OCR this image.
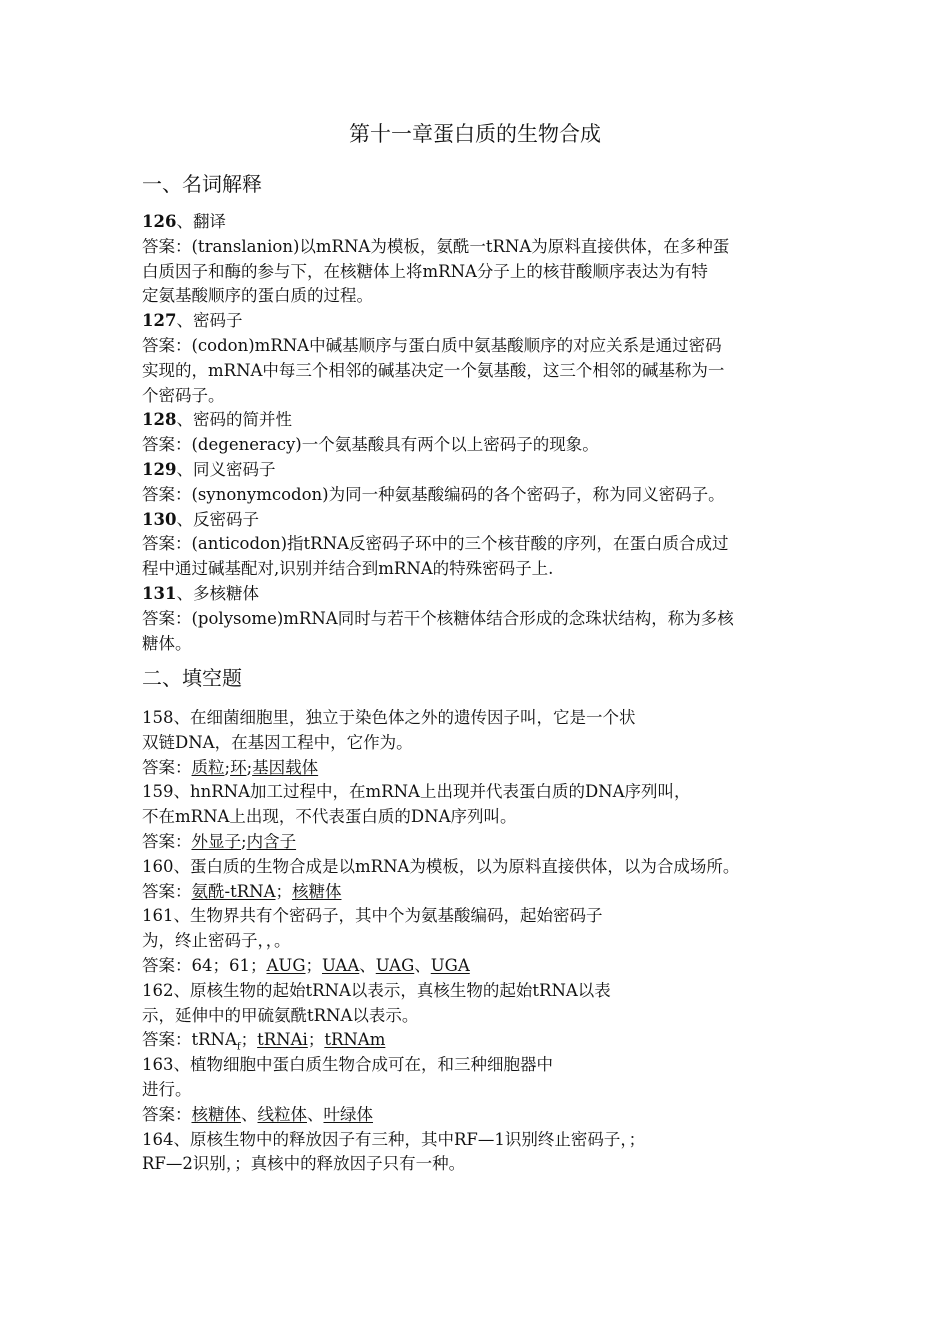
第十一章蛋白质的生物合成
一、名词解释
126、翻译
答案：(translanion)以mRNA为模板，氨酰一tRNA为原料直接供体，在多种蛋
白质因子和酶的参与下，在核糖体上将mRNA分子上的核苷酸顺序表达为有特
定氨基酸顺序的蛋白质的过程。
127、密码子
答案：(codon)mRNA中碱基顺序与蛋白质中氨基酸顺序的对应关系是通过密码
实现的，mRNA中每三个相邻的碱基决定一个氨基酸，这三个相邻的碱基称为一
个密码子。
128、密码的简并性
答案：(degeneracy)一个氨基酸具有两个以上密码子的现象。
129、同义密码子
答案：(synonymcodon)为同一种氨基酸编码的各个密码子，称为同义密码子。
130、反密码子
答案：(anticodon)指tRNA反密码子环中的三个核苷酸的序列，在蛋白质合成过
程中通过碱基配对,识别并结合到mRNA的特殊密码子上.
131、多核糖体
答案：(polysome)mRNA同时与若干个核糖体结合形成的念珠状结构，称为多核
糖体。
二、填空题
158、在细菌细胞里，独立于染色体之外的遗传因子叫，它是一个状
双链DNA，在基因工程中，它作为。
答案：质粒;环;基因载体
159、hnRNA加工过程中，在mRNA上出现并代表蛋白质的DNA序列叫，
不在mRNA上出现，不代表蛋白质的DNA序列叫。
答案：外显子;内含子
160、蛋白质的生物合成是以mRNA为模板，以为原料直接供体，以为合成场所。
答案：氨酰-tRNA；核糖体
161、生物界共有个密码子，其中个为氨基酸编码，起始密码子
为，终止密码子，，。
答案：64；61；AUG；UAA、UAG、UGA
162、原核生物的起始tRNA以表示，真核生物的起始tRNA以表
示，延伸中的甲硫氨酰tRNA以表示。
答案：tRNA$_f$；tRNAi；tRNAm
163、植物细胞中蛋白质生物合成可在，和三种细胞器中
进行。
答案：核糖体、线粒体、叶绿体
164、原核生物中的释放因子有三种，其中RF—1识别终止密码子，；
RF—2识别，；真核中的释放因子只有一种。
